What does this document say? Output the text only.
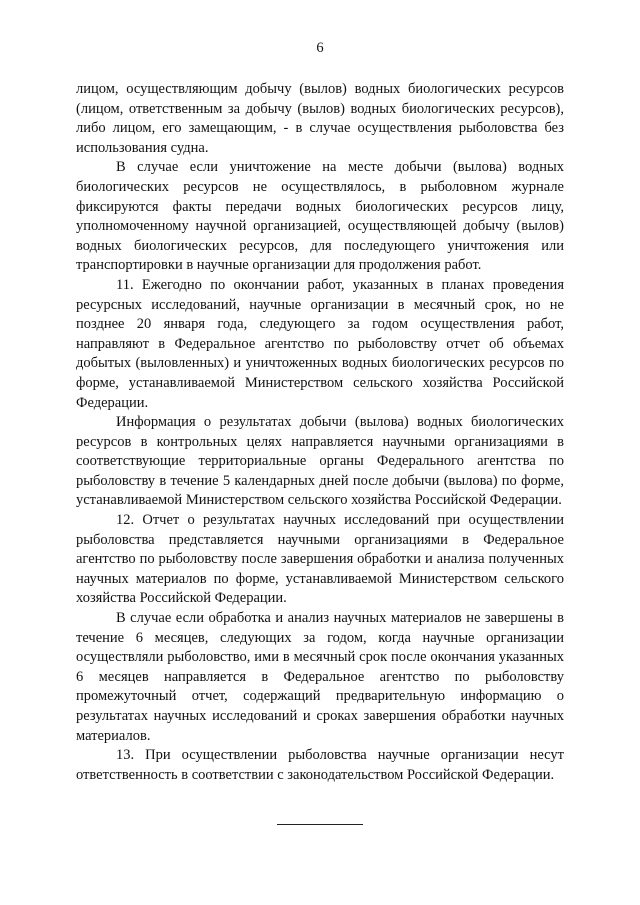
6

лицом, осуществляющим добычу (вылов) водных биологических ресурсов (лицом, ответственным за добычу (вылов) водных биологических ресурсов), либо лицом, его замещающим, - в случае осуществления рыболовства без использования судна.

В случае если уничтожение на месте добычи (вылова) водных биологических ресурсов не осуществлялось, в рыболовном журнале фиксируются факты передачи водных биологических ресурсов лицу, уполномоченному научной организацией, осуществляющей добычу (вылов) водных биологических ресурсов, для последующего уничтожения или транспортировки в научные организации для продолжения работ.

11. Ежегодно по окончании работ, указанных в планах проведения ресурсных исследований, научные организации в месячный срок, но не позднее 20 января года, следующего за годом осуществления работ, направляют в Федеральное агентство по рыболовству отчет об объемах добытых (выловленных) и уничтоженных водных биологических ресурсов по форме, устанавливаемой Министерством сельского хозяйства Российской Федерации.

Информация о результатах добычи (вылова) водных биологических ресурсов в контрольных целях направляется научными организациями в соответствующие территориальные органы Федерального агентства по рыболовству в течение 5 календарных дней после добычи (вылова) по форме, устанавливаемой Министерством сельского хозяйства Российской Федерации.

12. Отчет о результатах научных исследований при осуществлении рыболовства представляется научными организациями в Федеральное агентство по рыболовству после завершения обработки и анализа полученных научных материалов по форме, устанавливаемой Министерством сельского хозяйства Российской Федерации.

В случае если обработка и анализ научных материалов не завершены в течение 6 месяцев, следующих за годом, когда научные организации осуществляли рыболовство, ими в месячный срок после окончания указанных 6 месяцев направляется в Федеральное агентство по рыболовству промежуточный отчет, содержащий предварительную информацию о результатах научных исследований и сроках завершения обработки научных материалов.

13. При осуществлении рыболовства научные организации несут ответственность в соответствии с законодательством Российской Федерации.
